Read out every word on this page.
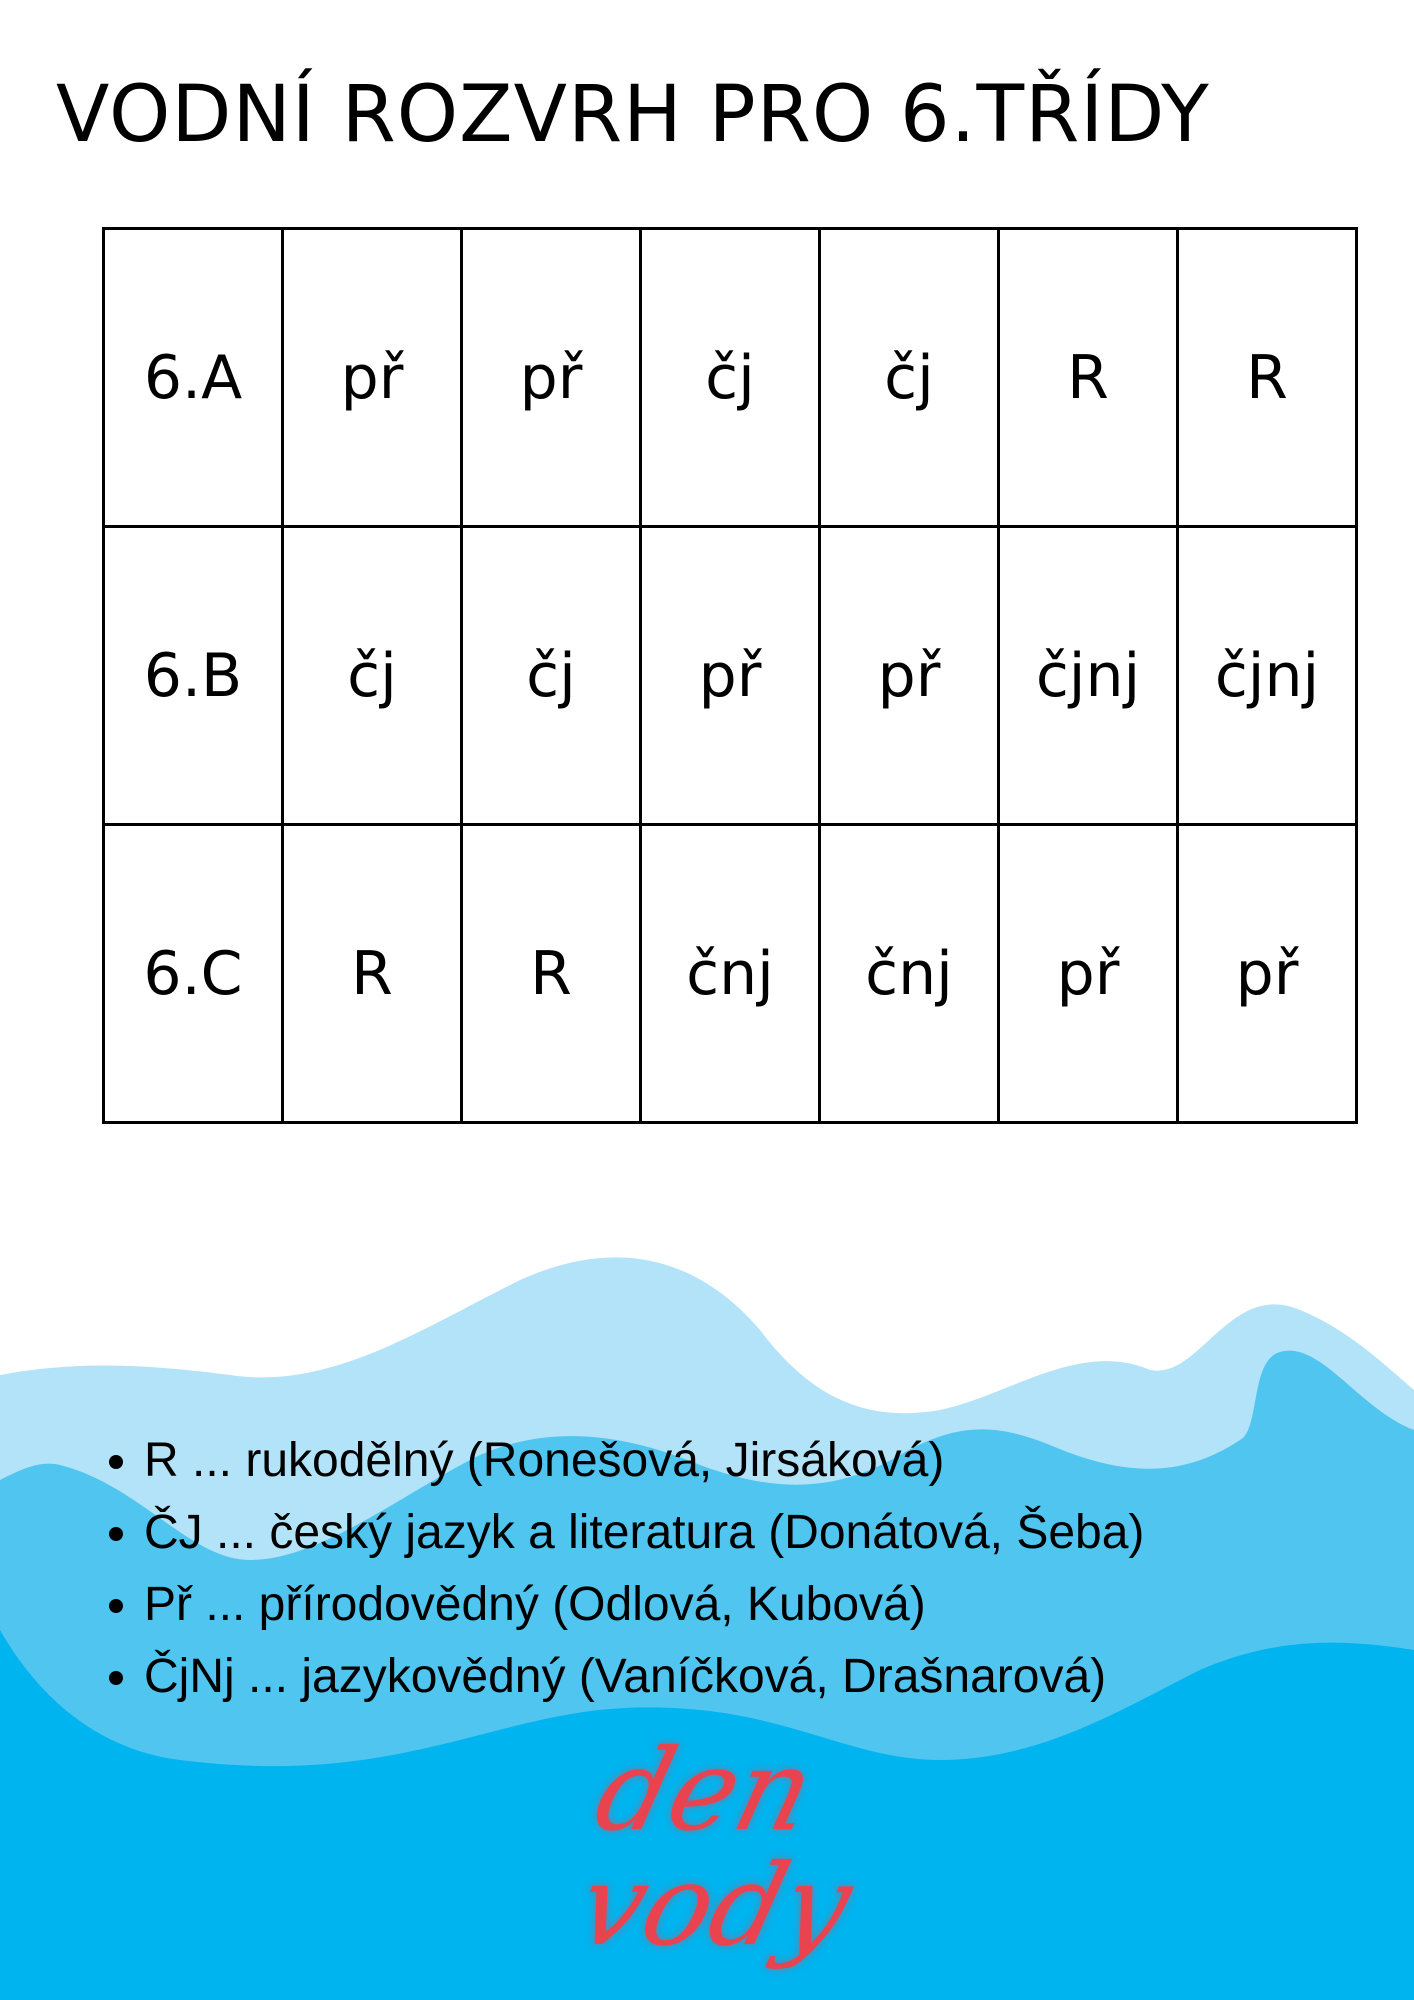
VODNÍ ROZVRH PRO 6.TŘÍDY
6.A	př	př	čj	čj	R	R
6.B	čj	čj	př	př	čjnj	čjnj
6.C	R	R	čnj	čnj	př	př
• R ... rukodělný (Ronešová, Jirsáková)
• ČJ ... český jazyk a literatura (Donátová, Šeba)
• Př ... přírodovědný (Odlová, Kubová)
• ČjNj ... jazykovědný (Vaníčková, Drašnarová)
den
vody
